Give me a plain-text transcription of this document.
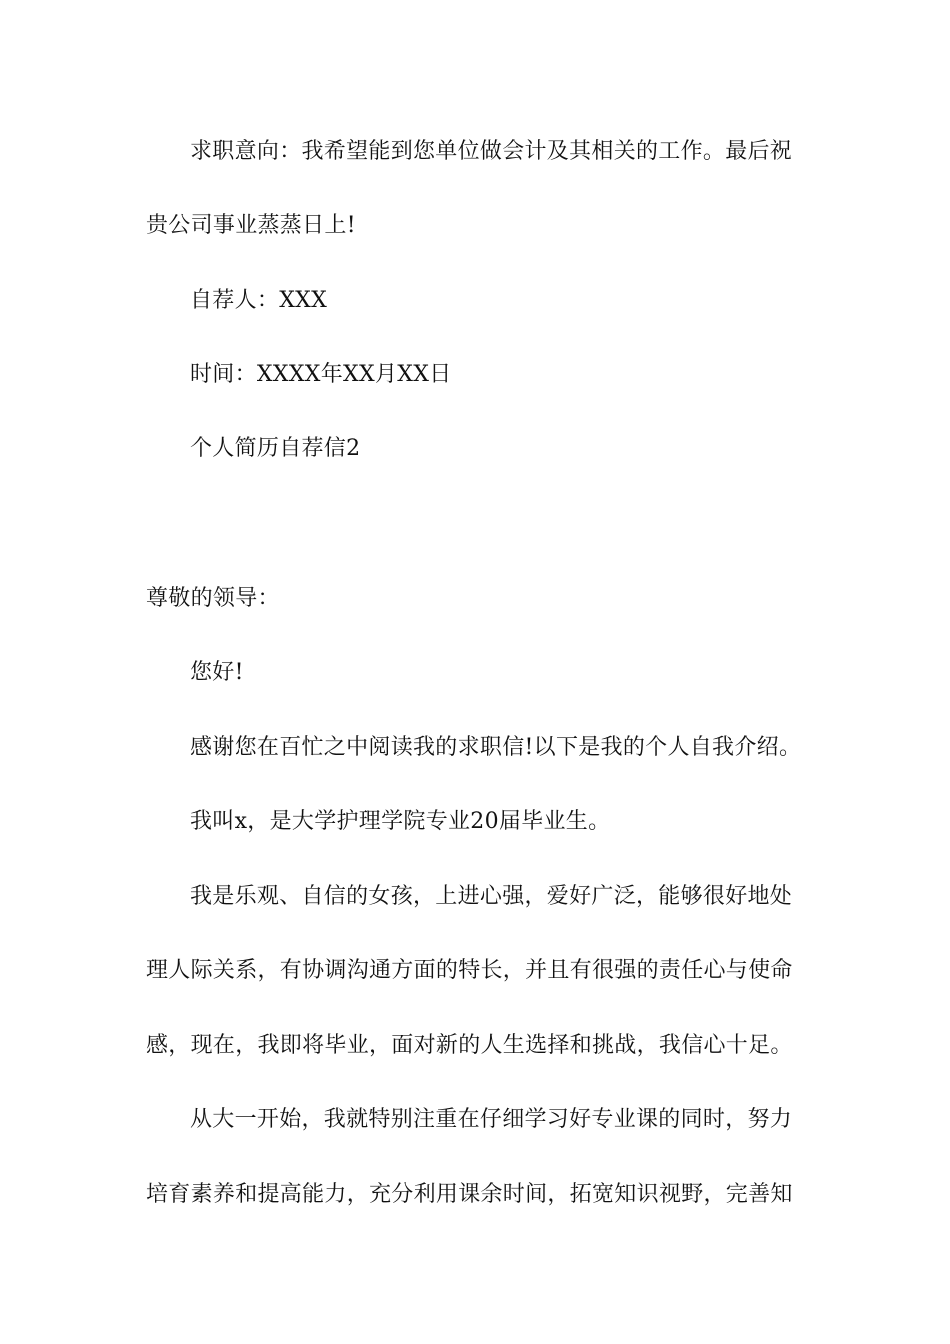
求职意向：我希望能到您单位做会计及其相关的工作。最后祝
贵公司事业蒸蒸日上!
自荐人：XXX
时间：XXXX年XX月XX日
个人简历自荐信2
尊敬的领导：
您好!
感谢您在百忙之中阅读我的求职信!以下是我的个人自我介绍。
我叫x，是大学护理学院专业20届毕业生。
我是乐观、自信的女孩，上进心强，爱好广泛，能够很好地处
理人际关系，有协调沟通方面的特长，并且有很强的责任心与使命
感，现在，我即将毕业，面对新的人生选择和挑战，我信心十足。
从大一开始，我就特别注重在仔细学习好专业课的同时，努力
培育素养和提高能力，充分利用课余时间，拓宽知识视野，完善知
